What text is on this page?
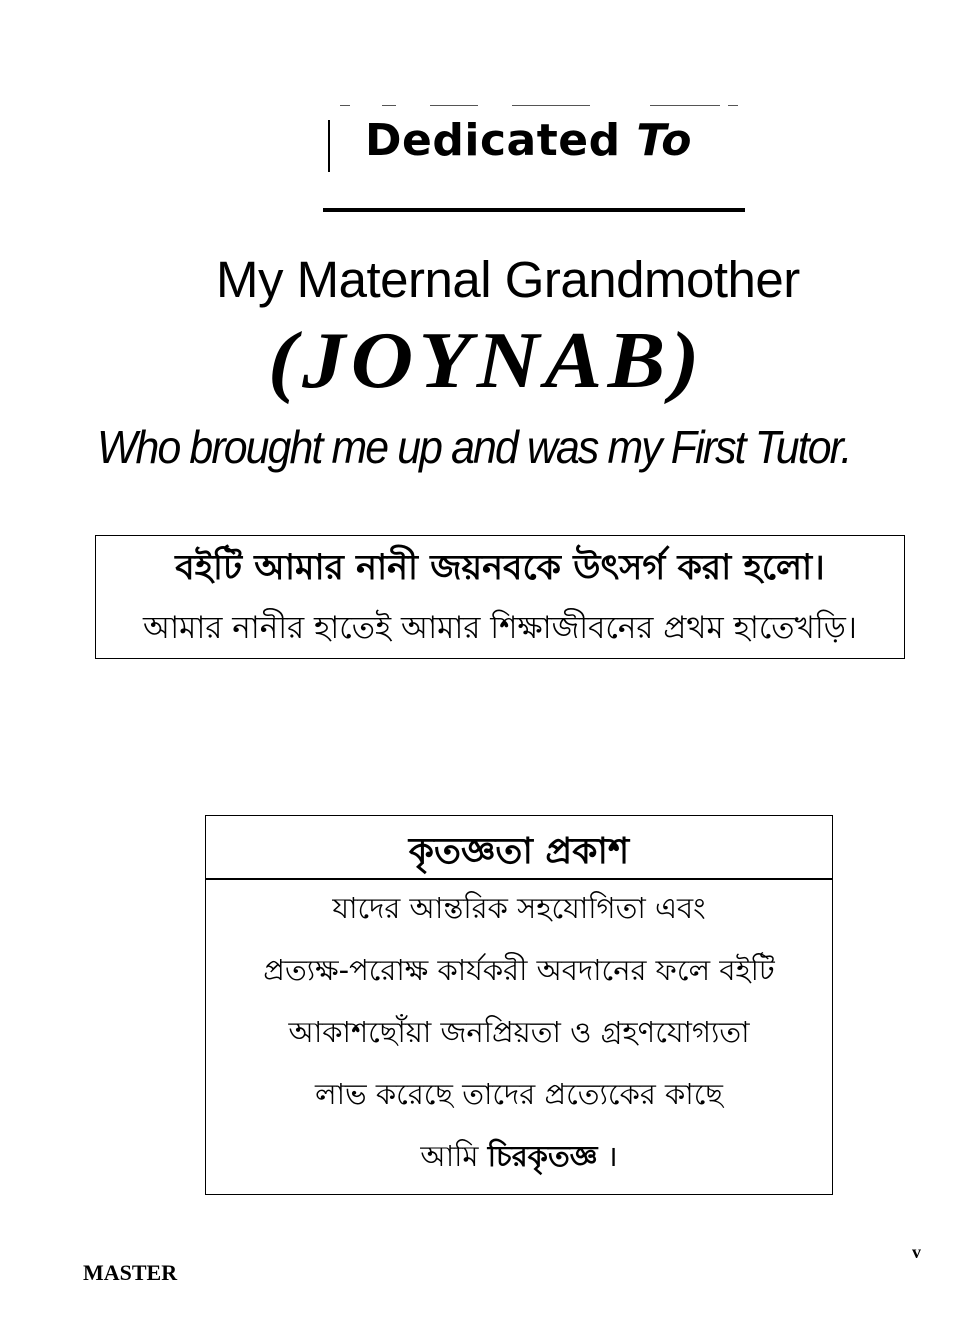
Dedicated To
My Maternal Grandmother
(JOYNAB)
Who brought me up and was my First Tutor.
বইটি আমার নানী জয়নবকে উৎসর্গ করা হলো।
আমার নানীর হাতেই আমার শিক্ষাজীবনের প্রথম হাতেখড়ি।
কৃতজ্ঞতা প্রকাশ
যাদের আন্তরিক সহযোগিতা এবং
প্রত্যক্ষ-পরোক্ষ কার্যকরী অবদানের ফলে বইটি
আকাশছোঁয়া জনপ্রিয়তা ও গ্রহণযোগ্যতা
লাভ করেছে তাদের প্রত্যেকের কাছে
আমি চিরকৃতজ্ঞ ।
MASTER
v
